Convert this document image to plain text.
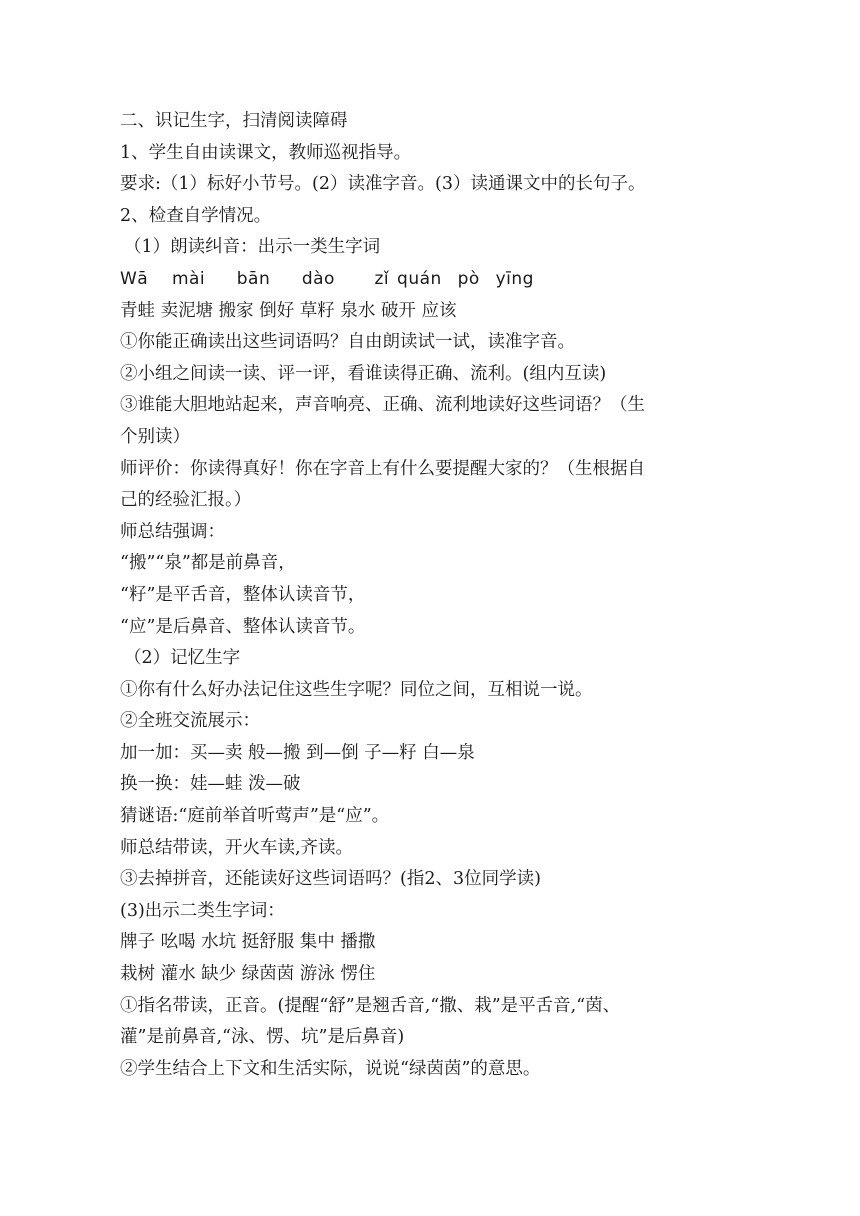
二、识记生字，扫清阅读障碍
1、学生自由读课文，教师巡视指导。
要求:（1）标好小节号。(2）读准字音。(3）读通课文中的长句子。
2、检查自学情况。
（1）朗读纠音：出示一类生字词
Wā   mài    bān    dào     zǐ quán  pò  yīng
青蛙 卖泥塘 搬家 倒好 草籽 泉水 破开 应该
①你能正确读出这些词语吗？自由朗读试一试，读准字音。
②小组之间读一读、评一评，看谁读得正确、流利。(组内互读)
③谁能大胆地站起来，声音响亮、正确、流利地读好这些词语？（生
个别读）
师评价：你读得真好！你在字音上有什么要提醒大家的？（生根据自
己的经验汇报。）
师总结强调：
“搬”“泉”都是前鼻音，
“籽”是平舌音，整体认读音节，
“应”是后鼻音、整体认读音节。
（2）记忆生字
①你有什么好办法记住这些生字呢？同位之间，互相说一说。
②全班交流展示：
加一加：买—卖 般—搬 到—倒 子—籽 白—泉
换一换：娃—蛙 泼—破
猜谜语:“庭前举首听莺声”是“应”。
师总结带读，开火车读,齐读。
③去掉拼音，还能读好这些词语吗？(指2、3位同学读)
(3)出示二类生字词：
牌子 吆喝 水坑 挺舒服 集中 播撒
栽树 灌水 缺少 绿茵茵 游泳 愣住
①指名带读，正音。(提醒“舒”是翘舌音,“撒、栽”是平舌音,“茵、
灌”是前鼻音,“泳、愣、坑”是后鼻音)
②学生结合上下文和生活实际，说说“绿茵茵”的意思。
